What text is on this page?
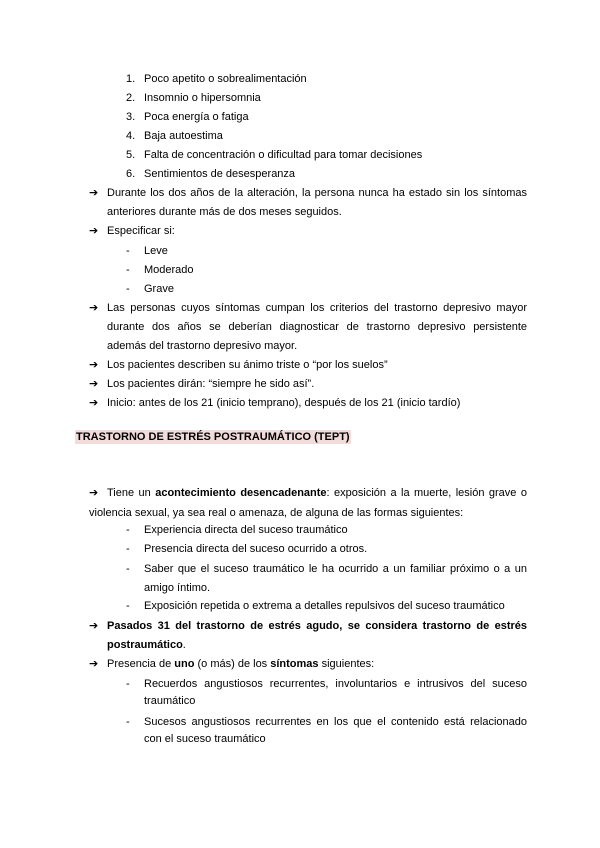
1. Poco apetito o sobrealimentación
2. Insomnio o hipersomnia
3. Poca energía o fatiga
4. Baja autoestima
5. Falta de concentración o dificultad para tomar decisiones
6. Sentimientos de desesperanza
➔ Durante los dos años de la alteración, la persona nunca ha estado sin los síntomas anteriores durante más de dos meses seguidos.
➔ Especificar si:
-	Leve
-	Moderado
-	Grave
➔ Las personas cuyos síntomas cumpan los criterios del trastorno depresivo mayor durante dos años se deberían diagnosticar de trastorno depresivo persistente además del trastorno depresivo mayor.
➔ Los pacientes describen su ánimo triste o “por los suelos”
➔ Los pacientes dirán: “siempre he sido así”.
➔ Inicio: antes de los 21 (inicio temprano), después de los 21 (inicio tardío)
TRASTORNO DE ESTRÉS POSTRAUMÁTICO (TEPT)
➔ Tiene un acontecimiento desencadenante: exposición a la muerte, lesión grave o violencia sexual, ya sea real o amenaza, de alguna de las formas siguientes:
-	Experiencia directa del suceso traumático
-	Presencia directa del suceso ocurrido a otros.
-	Saber que el suceso traumático le ha ocurrido a un familiar próximo o a un amigo íntimo.
-	Exposición repetida o extrema a detalles repulsivos del suceso traumático
➔ Pasados 31 del trastorno de estrés agudo, se considera trastorno de estrés postraumático.
➔ Presencia de uno (o más) de los síntomas siguientes:
-	Recuerdos angustiosos recurrentes, involuntarios e intrusivos del suceso traumático
-	Sucesos angustiosos recurrentes en los que el contenido está relacionado con el suceso traumático
